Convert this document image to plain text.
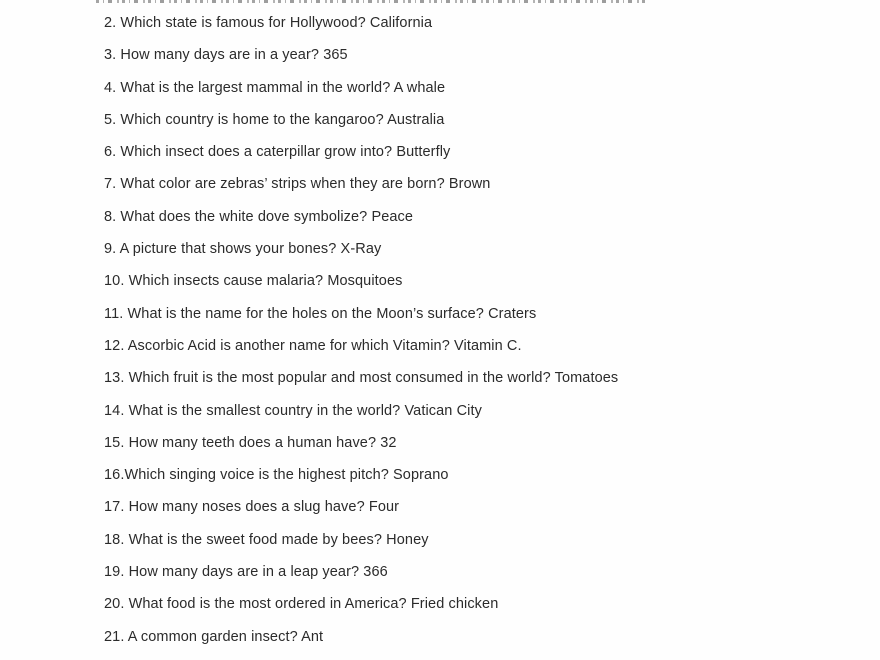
2. Which state is famous for Hollywood? California
3. How many days are in a year? 365
4. What is the largest mammal in the world? A whale
5. Which country is home to the kangaroo? Australia
6. Which insect does a caterpillar grow into? Butterfly
7. What color are zebras’ strips when they are born? Brown
8. What does the white dove symbolize? Peace
9. A picture that shows your bones? X-Ray
10. Which insects cause malaria? Mosquitoes
11. What is the name for the holes on the Moon’s surface? Craters
12. Ascorbic Acid is another name for which Vitamin? Vitamin C.
13. Which fruit is the most popular and most consumed in the world? Tomatoes
14. What is the smallest country in the world? Vatican City
15. How many teeth does a human have? 32
16.Which singing voice is the highest pitch? Soprano
17. How many noses does a slug have? Four
18. What is the sweet food made by bees? Honey
19. How many days are in a leap year? 366
20. What food is the most ordered in America? Fried chicken
21. A common garden insect? Ant
